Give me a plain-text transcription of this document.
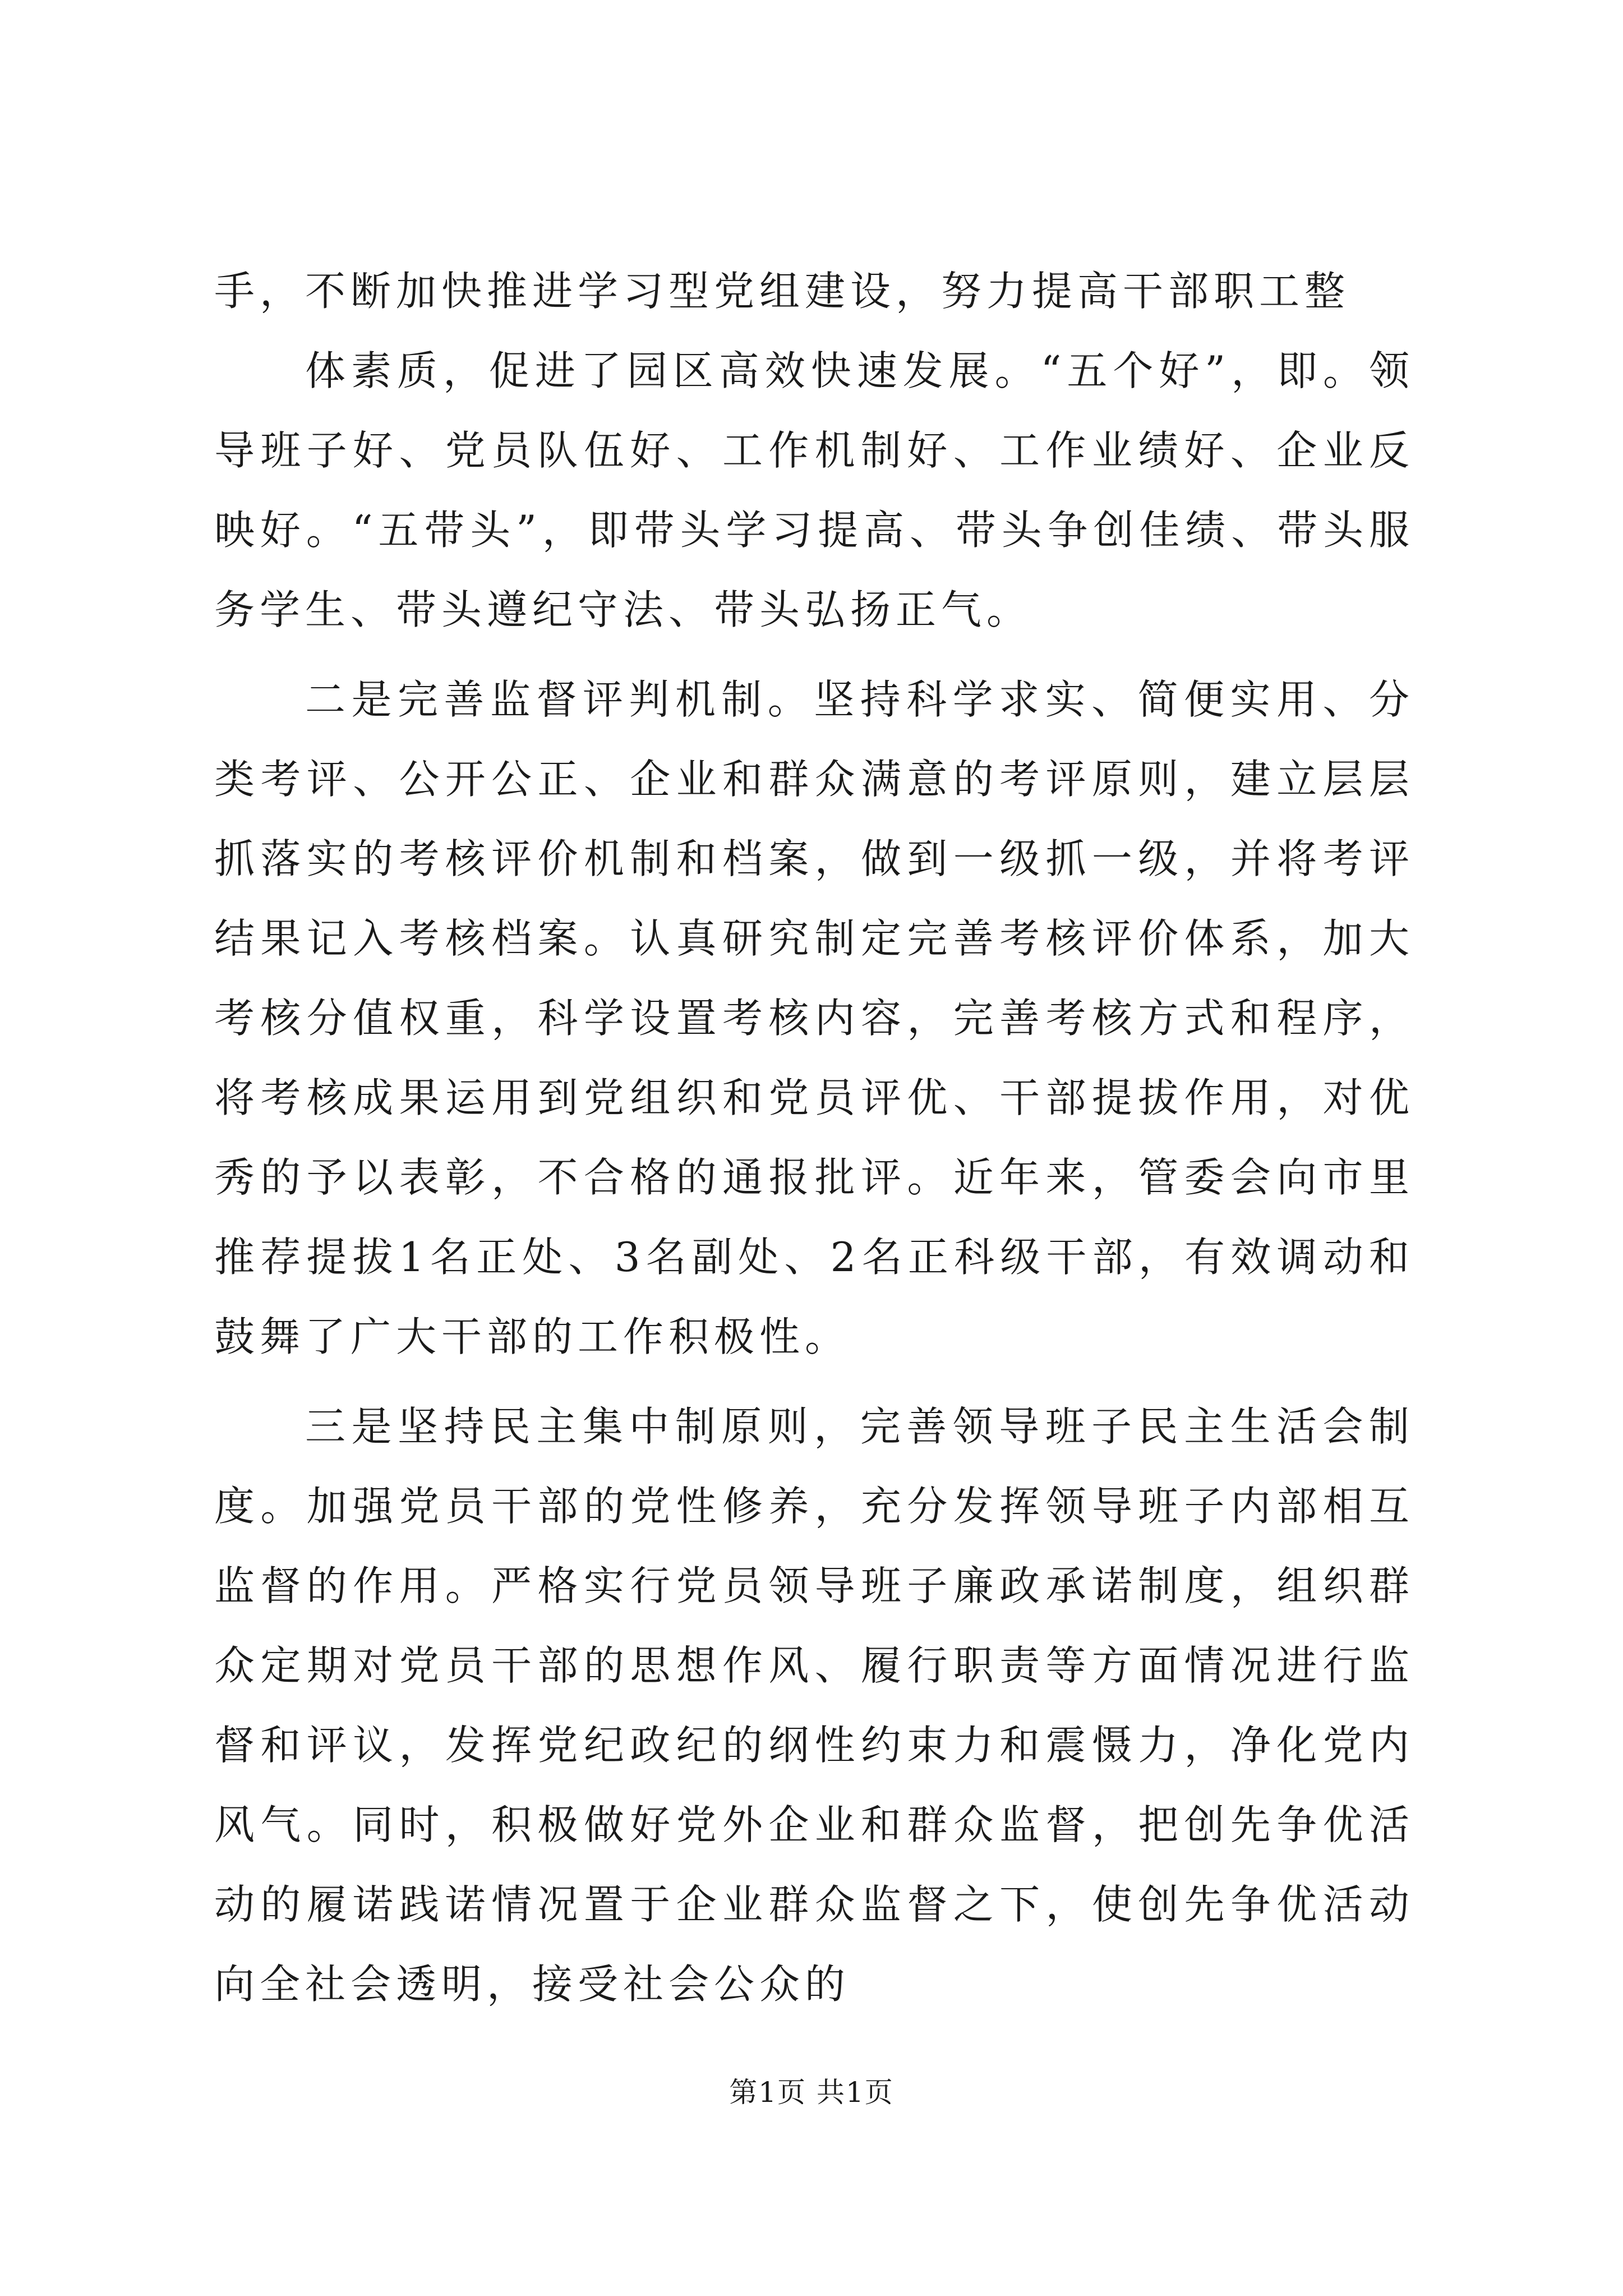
手，不断加快推进学习型党组建设，努力提高干部职工整

体素质，促进了园区高效快速发展。“五个好”，即。领导班子好、党员队伍好、工作机制好、工作业绩好、企业反映好。“五带头”，即带头学习提高、带头争创佳绩、带头服务学生、带头遵纪守法、带头弘扬正气。

二是完善监督评判机制。坚持科学求实、简便实用、分类考评、公开公正、企业和群众满意的考评原则，建立层层抓落实的考核评价机制和档案，做到一级抓一级，并将考评结果记入考核档案。认真研究制定完善考核评价体系，加大考核分值权重，科学设置考核内容，完善考核方式和程序，将考核成果运用到党组织和党员评优、干部提拔作用，对优秀的予以表彰，不合格的通报批评。近年来，管委会向市里推荐提拔1名正处、3名副处、2名正科级干部，有效调动和鼓舞了广大干部的工作积极性。

三是坚持民主集中制原则，完善领导班子民主生活会制度。加强党员干部的党性修养，充分发挥领导班子内部相互监督的作用。严格实行党员领导班子廉政承诺制度，组织群众定期对党员干部的思想作风、履行职责等方面情况进行监督和评议，发挥党纪政纪的纲性约束力和震慑力，净化党内风气。同时，积极做好党外企业和群众监督，把创先争优活动的履诺践诺情况置于企业群众监督之下，使创先争优活动向全社会透明，接受社会公众的

第1页 共1页
